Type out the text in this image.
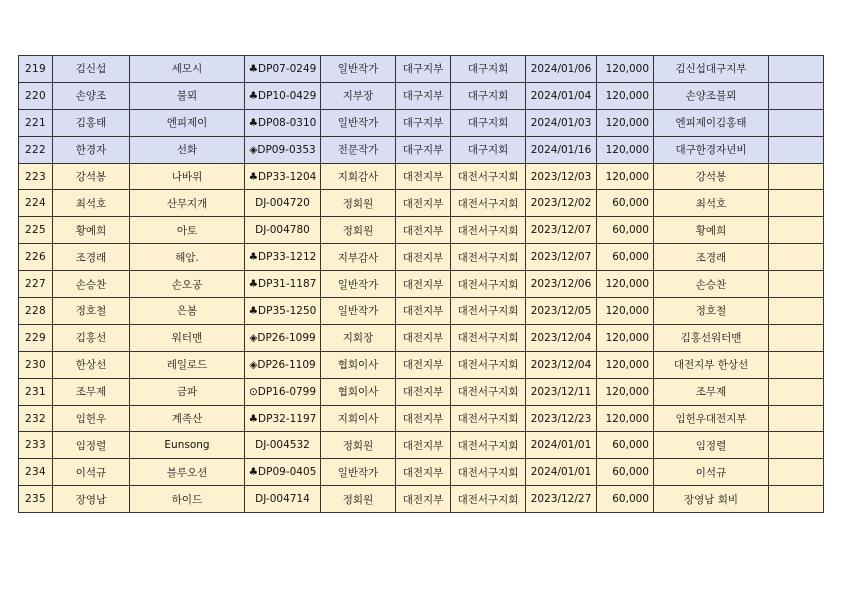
219	김신섭	세모시	♣DP07-0249	일반작가	대구지부	대구지회	2024/01/06	120,000	김신섭대구지부	
220	손양조	불뫼	♣DP10-0429	지부장	대구지부	대구지회	2024/01/04	120,000	손양조불뫼	
221	김홍태	엔피제이	♣DP08-0310	일반작가	대구지부	대구지회	2024/01/03	120,000	엔피제이김홍태	
222	한경자	선화	◈DP09-0353	전문작가	대구지부	대구지회	2024/01/16	120,000	대구한경자년비	
223	강석봉	나바위	♣DP33-1204	지회감사	대전지부	대전서구지회	2023/12/03	120,000	강석봉	
224	최석호	산무지개	DJ-004720	정회원	대전지부	대전서구지회	2023/12/02	60,000	최석호	
225	황예희	아토	DJ-004780	정회원	대전지부	대전서구지회	2023/12/07	60,000	황예희	
226	조경래	해암.	♣DP33-1212	지부감사	대전지부	대전서구지회	2023/12/07	60,000	조경래	
227	손승찬	손오공	♣DP31-1187	일반작가	대전지부	대전서구지회	2023/12/06	120,000	손승찬	
228	정호철	은봄	♣DP35-1250	일반작가	대전지부	대전서구지회	2023/12/05	120,000	정호철	
229	김홍선	워터맨	◈DP26-1099	지회장	대전지부	대전서구지회	2023/12/04	120,000	김홍선워터맨	
230	한상선	레일로드	◈DP26-1109	협회이사	대전지부	대전서구지회	2023/12/04	120,000	대전지부 한상선	
231	조무제	금파	⊙DP16-0799	협회이사	대전지부	대전서구지회	2023/12/11	120,000	조무제	
232	임헌우	계족산	♣DP32-1197	지회이사	대전지부	대전서구지회	2023/12/23	120,000	임헌우대전지부	
233	임정렬	Eunsong	DJ-004532	정회원	대전지부	대전서구지회	2024/01/01	60,000	임정렬	
234	이석규	블루오션	♣DP09-0405	일반작가	대전지부	대전서구지회	2024/01/01	60,000	이석규	
235	장영남	하이드	DJ-004714	정회원	대전지부	대전서구지회	2023/12/27	60,000	장영남 회비	
